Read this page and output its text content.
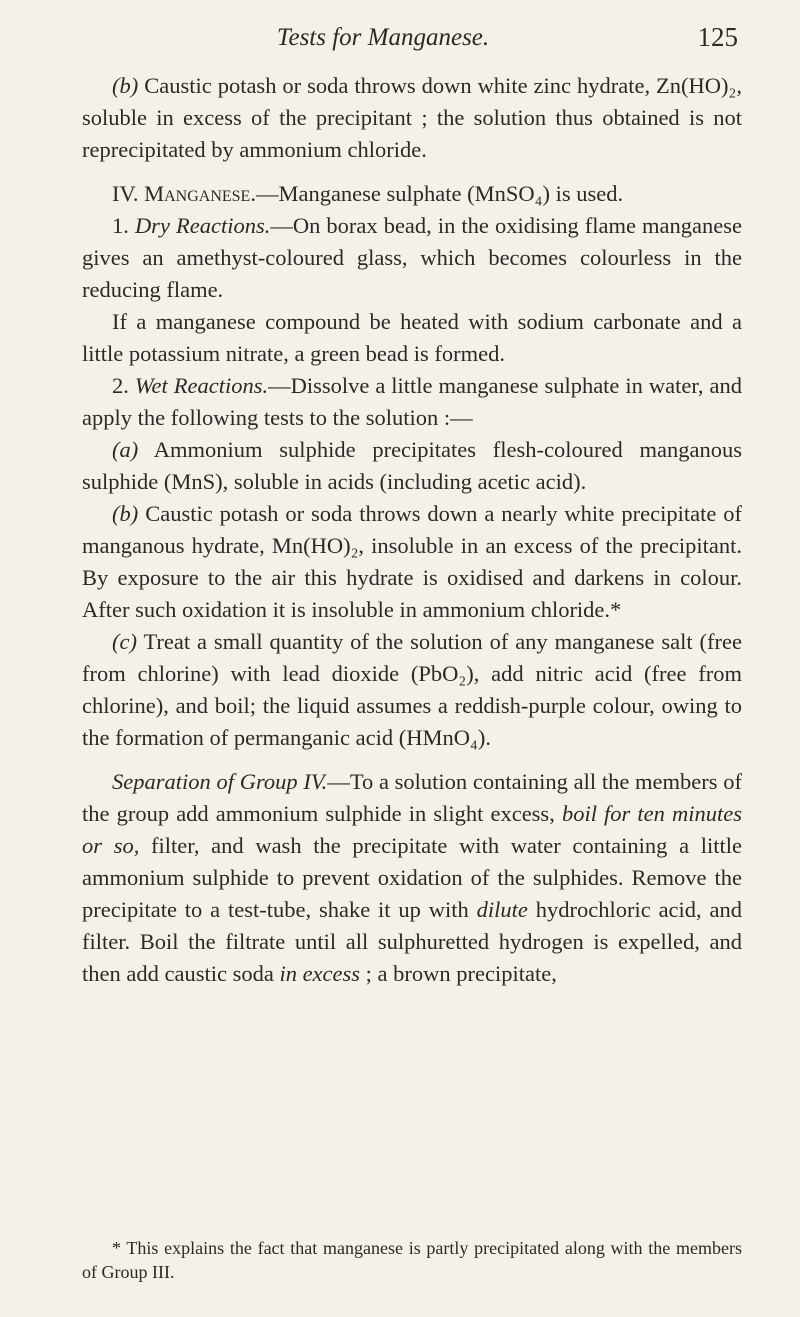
Tests for Manganese.	125

(b) Caustic potash or soda throws down white zinc hydrate, Zn(HO)₂, soluble in excess of the precipitant ; the solution thus obtained is not reprecipitated by ammonium chloride.

IV. Manganese.—Manganese sulphate (MnSO₄) is used.

1. Dry Reactions.—On borax bead, in the oxidising flame manganese gives an amethyst-coloured glass, which becomes colourless in the reducing flame.

If a manganese compound be heated with sodium carbonate and a little potassium nitrate, a green bead is formed.

2. Wet Reactions.—Dissolve a little manganese sulphate in water, and apply the following tests to the solution :—

(a) Ammonium sulphide precipitates flesh-coloured manganous sulphide (MnS), soluble in acids (including acetic acid).

(b) Caustic potash or soda throws down a nearly white precipitate of manganous hydrate, Mn(HO)₂, insoluble in an excess of the precipitant. By exposure to the air this hydrate is oxidised and darkens in colour. After such oxidation it is insoluble in ammonium chloride.*

(c) Treat a small quantity of the solution of any manganese salt (free from chlorine) with lead dioxide (PbO₂), add nitric acid (free from chlorine), and boil; the liquid assumes a reddish-purple colour, owing to the formation of permanganic acid (HMnO₄).

Separation of Group IV.—To a solution containing all the members of the group add ammonium sulphide in slight excess, boil for ten minutes or so, filter, and wash the precipitate with water containing a little ammonium sulphide to prevent oxidation of the sulphides. Remove the precipitate to a test-tube, shake it up with dilute hydrochloric acid, and filter. Boil the filtrate until all sulphuretted hydrogen is expelled, and then add caustic soda in excess ; a brown precipitate,

* This explains the fact that manganese is partly precipitated along with the members of Group III.
